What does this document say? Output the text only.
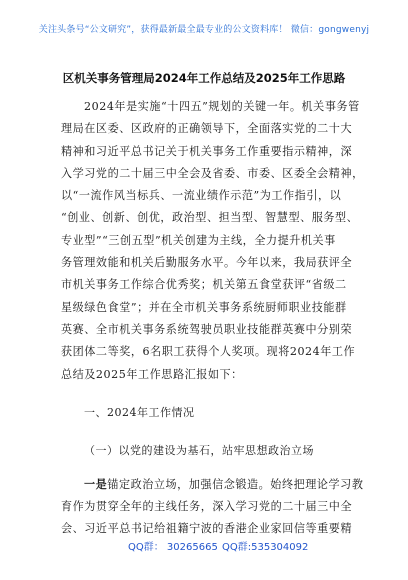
关注头条号“公文研究”，获得最新最全最专业的公文资料库！ 微信：gongwenyj
区机关事务管理局2024年工作总结及2025年工作思路
2024年是实施“十四五”规划的关键一年。机关事务管
理局在区委、区政府的正确领导下，全面落实党的二十大
精神和习近平总书记关于机关事务工作重要指示精神，深
入学习党的二十届三中全会及省委、市委、区委全会精神，
以“一流作风当标兵、一流业绩作示范”为工作指引，以
“创业、创新、创优，政治型、担当型、智慧型、服务型、
专业型”“三创五型”机关创建为主线，全力提升机关事
务管理效能和机关后勤服务水平。今年以来，我局获评全
市机关事务工作综合优秀奖；机关第五食堂获评“省级二
星级绿色食堂”；并在全市机关事务系统厨师职业技能群
英赛、全市机关事务系统驾驶员职业技能群英赛中分别荣
获团体二等奖，6名职工获得个人奖项。现将2024年工作
总结及2025年工作思路汇报如下：
一、2024年工作情况
（一）以党的建设为基石，站牢思想政治立场
一是锚定政治立场，加强信念锻造。始终把理论学习教
育作为贯穿全年的主线任务，深入学习党的二十届三中全
会、习近平总书记给祖籍宁波的香港企业家回信等重要精
QQ群： 30265665 QQ群:535304092
